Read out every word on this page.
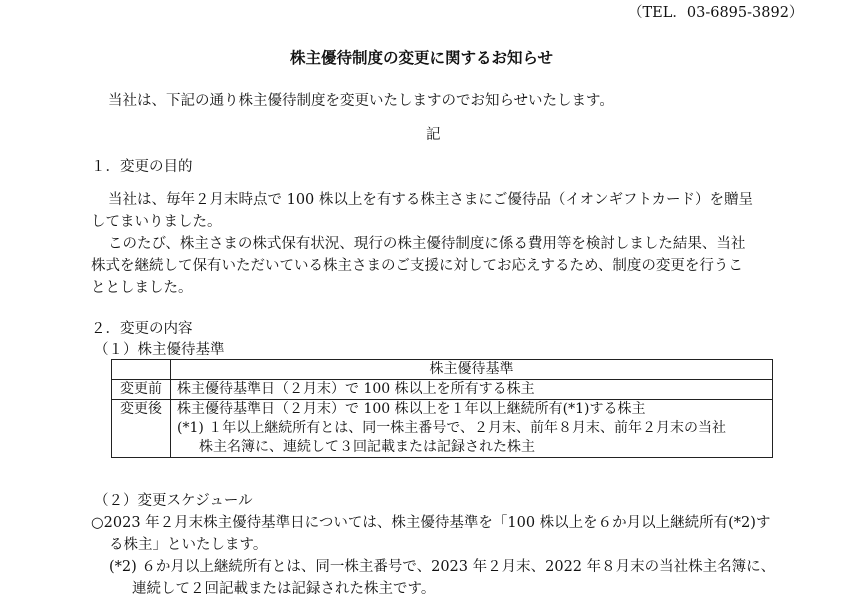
（TEL．03-6895-3892）
株主優待制度の変更に関するお知らせ
当社は、下記の通り株主優待制度を変更いたしますのでお知らせいたします。
記
１．変更の目的
当社は、毎年２月末時点で 100 株以上を有する株主さまにご優待品（イオンギフトカード）を贈呈
してまいりました。
このたび、株主さまの株式保有状況、現行の株主優待制度に係る費用等を検討しました結果、当社
株式を継続して保有いただいている株主さまのご支援に対してお応えするため、制度の変更を行うこ
ととしました。
２．変更の内容
（１）株主優待基準
	株主優待基準
変更前	株主優待基準日（２月末）で 100 株以上を所有する株主
変更後	株主優待基準日（２月末）で 100 株以上を１年以上継続所有(*1)する株主
(*1) １年以上継続所有とは、同一株主番号で、２月末、前年８月末、前年２月末の当社
株主名簿に、連続して３回記載または記録された株主
（２）変更スケジュール
○2023 年２月末株主優待基準日については、株主優待基準を「100 株以上を６か月以上継続所有(*2)す
る株主」といたします。
(*2) ６か月以上継続所有とは、同一株主番号で、2023 年２月末、2022 年８月末の当社株主名簿に、
連続して２回記載または記録された株主です。
